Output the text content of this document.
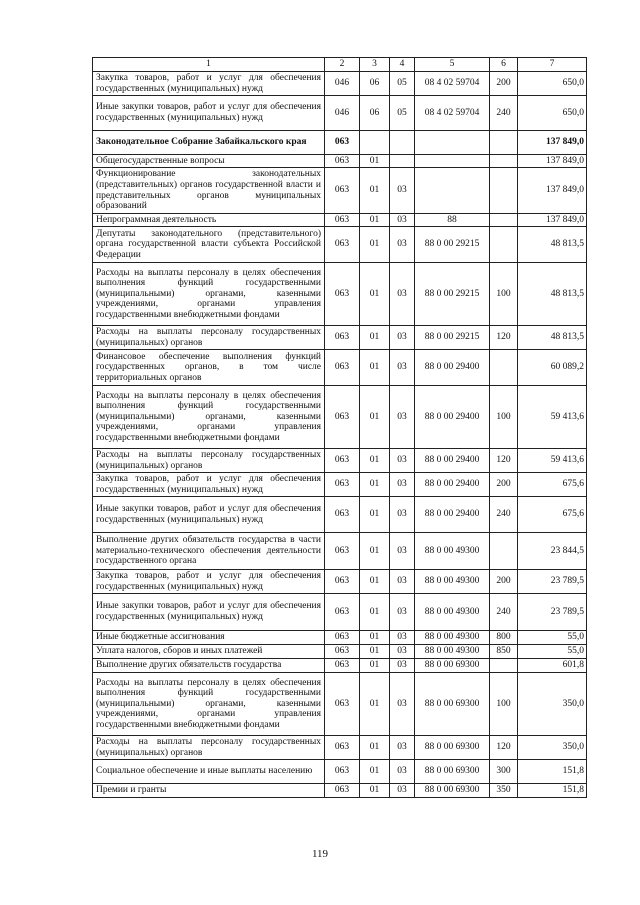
1	2	3	4	5	6	7
Закупка товаров, работ и услуг для обеспечения государственных (муниципальных) нужд	046	06	05	08 4 02 59704	200	650,0
Иные закупки товаров, работ и услуг для обеспечения государственных (муниципальных) нужд	046	06	05	08 4 02 59704	240	650,0
Законодательное Собрание Забайкальского края	063					137 849,0
Общегосударственные вопросы	063	01				137 849,0
Функционирование законодательных (представительных) органов государственной власти и представительных органов муниципальных образований	063	01	03			137 849,0
Непрограммная деятельность	063	01	03	88		137 849,0
Депутаты законодательного (представительного) органа государственной власти субъекта Российской Федерации	063	01	03	88 0 00 29215		48 813,5
Расходы на выплаты персоналу в целях обеспечения выполнения функций государственными (муниципальными) органами, казенными учреждениями, органами управления государственными внебюджетными фондами	063	01	03	88 0 00 29215	100	48 813,5
Расходы на выплаты персоналу государственных (муниципальных) органов	063	01	03	88 0 00 29215	120	48 813,5
Финансовое обеспечение выполнения функций государственных органов, в том числе территориальных органов	063	01	03	88 0 00 29400		60 089,2
Расходы на выплаты персоналу в целях обеспечения выполнения функций государственными (муниципальными) органами, казенными учреждениями, органами управления государственными внебюджетными фондами	063	01	03	88 0 00 29400	100	59 413,6
Расходы на выплаты персоналу государственных (муниципальных) органов	063	01	03	88 0 00 29400	120	59 413,6
Закупка товаров, работ и услуг для обеспечения государственных (муниципальных) нужд	063	01	03	88 0 00 29400	200	675,6
Иные закупки товаров, работ и услуг для обеспечения государственных (муниципальных) нужд	063	01	03	88 0 00 29400	240	675,6
Выполнение других обязательств государства в части материально-технического обеспечения деятельности государственного органа	063	01	03	88 0 00 49300		23 844,5
Закупка товаров, работ и услуг для обеспечения государственных (муниципальных) нужд	063	01	03	88 0 00 49300	200	23 789,5
Иные закупки товаров, работ и услуг для обеспечения государственных (муниципальных) нужд	063	01	03	88 0 00 49300	240	23 789,5
Иные бюджетные ассигнования	063	01	03	88 0 00 49300	800	55,0
Уплата налогов, сборов и иных платежей	063	01	03	88 0 00 49300	850	55,0
Выполнение других обязательств государства	063	01	03	88 0 00 69300		601,8
Расходы на выплаты персоналу в целях обеспечения выполнения функций государственными (муниципальными) органами, казенными учреждениями, органами управления государственными внебюджетными фондами	063	01	03	88 0 00 69300	100	350,0
Расходы на выплаты персоналу государственных (муниципальных) органов	063	01	03	88 0 00 69300	120	350,0
Социальное обеспечение и иные выплаты населению	063	01	03	88 0 00 69300	300	151,8
Премии и гранты	063	01	03	88 0 00 69300	350	151,8
119
